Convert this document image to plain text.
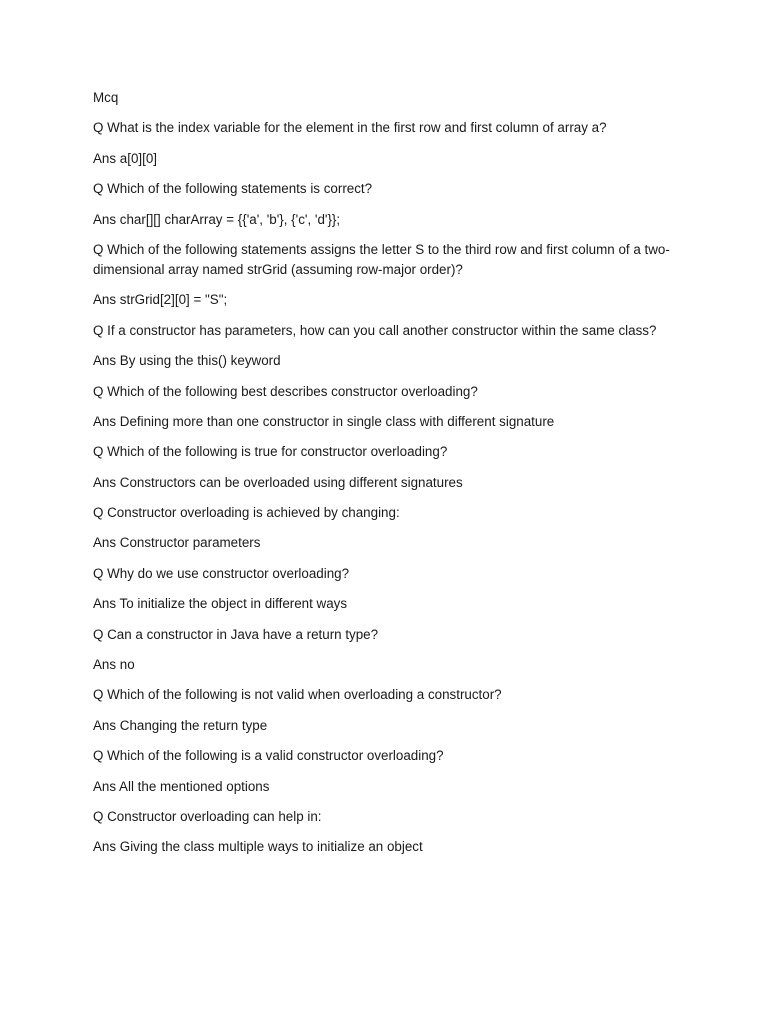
Mcq

Q What is the index variable for the element in the first row and first column of array a?

Ans a[0][0]

Q Which of the following statements is correct?

Ans char[][] charArray = {{'a', 'b'}, {'c', 'd'}};

Q Which of the following statements assigns the letter S to the third row and first column of a two-dimensional array named strGrid (assuming row-major order)?

Ans strGrid[2][0] = "S";

Q If a constructor has parameters, how can you call another constructor within the same class?

Ans By using the this() keyword

Q Which of the following best describes constructor overloading?

Ans Defining more than one constructor in single class with different signature

Q Which of the following is true for constructor overloading?

Ans Constructors can be overloaded using different signatures

Q Constructor overloading is achieved by changing:

Ans Constructor parameters

Q Why do we use constructor overloading?

Ans To initialize the object in different ways

Q Can a constructor in Java have a return type?

Ans no

Q Which of the following is not valid when overloading a constructor?

Ans Changing the return type

Q Which of the following is a valid constructor overloading?

Ans All the mentioned options

Q Constructor overloading can help in:

Ans Giving the class multiple ways to initialize an object
